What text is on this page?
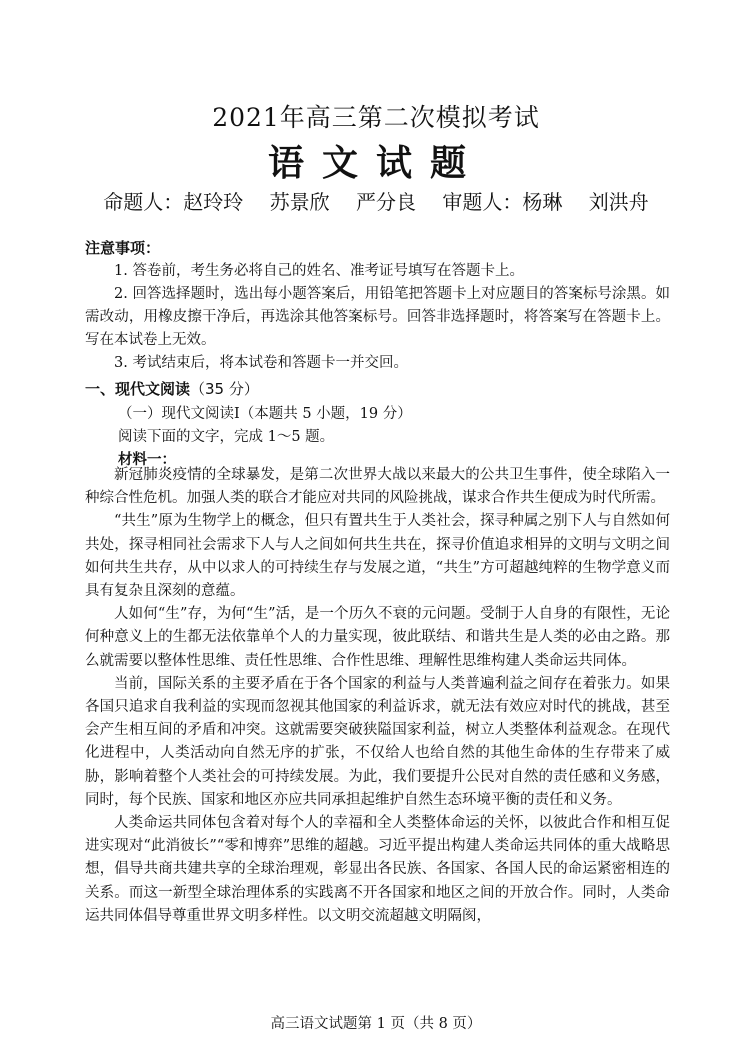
2021年高三第二次模拟考试
语文试题
命题人：赵玲玲 苏景欣 严分良 审题人：杨琳 刘洪舟
注意事项：

1. 答卷前，考生务必将自己的姓名、准考证号填写在答题卡上。

2. 回答选择题时，选出每小题答案后，用铅笔把答题卡上对应题目的答案标号涂黑。如需改动，用橡皮擦干净后，再选涂其他答案标号。回答非选择题时，将答案写在答题卡上。写在本试卷上无效。

3. 考试结束后，将本试卷和答题卡一并交回。

一、现代文阅读（35 分）
（一）现代文阅读Ⅰ（本题共 5 小题，19 分）
阅读下面的文字，完成 1～5 题。
材料一：

新冠肺炎疫情的全球暴发，是第二次世界大战以来最大的公共卫生事件，使全球陷入一种综合性危机。加强人类的联合才能应对共同的风险挑战，谋求合作共生便成为时代所需。

“共生”原为生物学上的概念，但只有置共生于人类社会，探寻种属之别下人与自然如何共处，探寻相同社会需求下人与人之间如何共生共在，探寻价值追求相异的文明与文明之间如何共生共存，从中以求人的可持续生存与发展之道，“共生”方可超越纯粹的生物学意义而具有复杂且深刻的意蕴。

人如何“生”存，为何“生”活，是一个历久不衰的元问题。受制于人自身的有限性，无论何种意义上的生都无法依靠单个人的力量实现，彼此联结、和谐共生是人类的必由之路。那么就需要以整体性思维、责任性思维、合作性思维、理解性思维构建人类命运共同体。

当前，国际关系的主要矛盾在于各个国家的利益与人类普遍利益之间存在着张力。如果各国只追求自我利益的实现而忽视其他国家的利益诉求，就无法有效应对时代的挑战，甚至会产生相互间的矛盾和冲突。这就需要突破狭隘国家利益，树立人类整体利益观念。在现代化进程中，人类活动向自然无序的扩张，不仅给人也给自然的其他生命体的生存带来了威胁，影响着整个人类社会的可持续发展。为此，我们要提升公民对自然的责任感和义务感，同时，每个民族、国家和地区亦应共同承担起维护自然生态环境平衡的责任和义务。

人类命运共同体包含着对每个人的幸福和全人类整体命运的关怀，以彼此合作和相互促进实现对“此消彼长”“零和博弈”思维的超越。习近平提出构建人类命运共同体的重大战略思想，倡导共商共建共享的全球治理观，彰显出各民族、各国家、各国人民的命运紧密相连的关系。而这一新型全球治理体系的实践离不开各国家和地区之间的开放合作。同时，人类命运共同体倡导尊重世界文明多样性。以文明交流超越文明隔阂，

高三语文试题第 1 页（共 8 页）
